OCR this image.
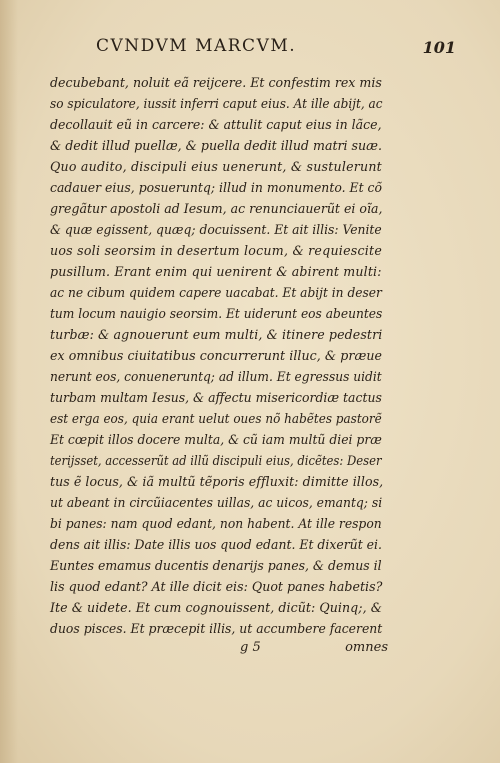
CVNDVM MARCVM.	101
decubebant, noluit eã reijcere. Et confestim rex mis
so spiculatore, iussit inferri caput eius. At ille abijt, ac
decollauit eũ in carcere: & attulit caput eius in lãce,
& dedit illud puellæ, & puella dedit illud matri suæ.
Quo audito, discipuli eius uenerunt, & sustulerunt
cadauer eius, posueruntq; illud in monumento. Et cõ
gregãtur apostoli ad Iesum, ac renunciauerũt ei oĩa,
& quæ egissent, quæq; docuissent. Et ait illis: Venite
uos soli seorsim in desertum locum, & requiescite
pusillum. Erant enim qui uenirent & abirent multi:
ac ne cibum quidem capere uacabat. Et abijt in deser
tum locum nauigio seorsim. Et uiderunt eos abeuntes
turbæ: & agnouerunt eum multi, & itinere pedestri
ex omnibus ciuitatibus concurrerunt illuc, & præue
nerunt eos, conueneruntq; ad illum. Et egressus uidit
turbam multam Iesus, & affectu misericordiæ tactus
est erga eos, quia erant uelut oues nõ habẽtes pastorẽ
Et cœpit illos docere multa, & cũ iam multũ diei præ
terijsset, accesserũt ad illũ discipuli eius, dicẽtes: Deser
tus ẽ locus, & iã multũ tẽporis effluxit: dimitte illos,
ut abeant in circũiacentes uillas, ac uicos, emantq; si
bi panes: nam quod edant, non habent. At ille respon
dens ait illis: Date illis uos quod edant. Et dixerũt ei.
Euntes emamus ducentis denarijs panes, & demus il
lis quod edant? At ille dicit eis: Quot panes habetis?
Ite & uidete. Et cum cognouissent, dicũt: Quinq;, &
duos pisces. Et præcepit illis, ut accumbere facerent
g 5	omnes
